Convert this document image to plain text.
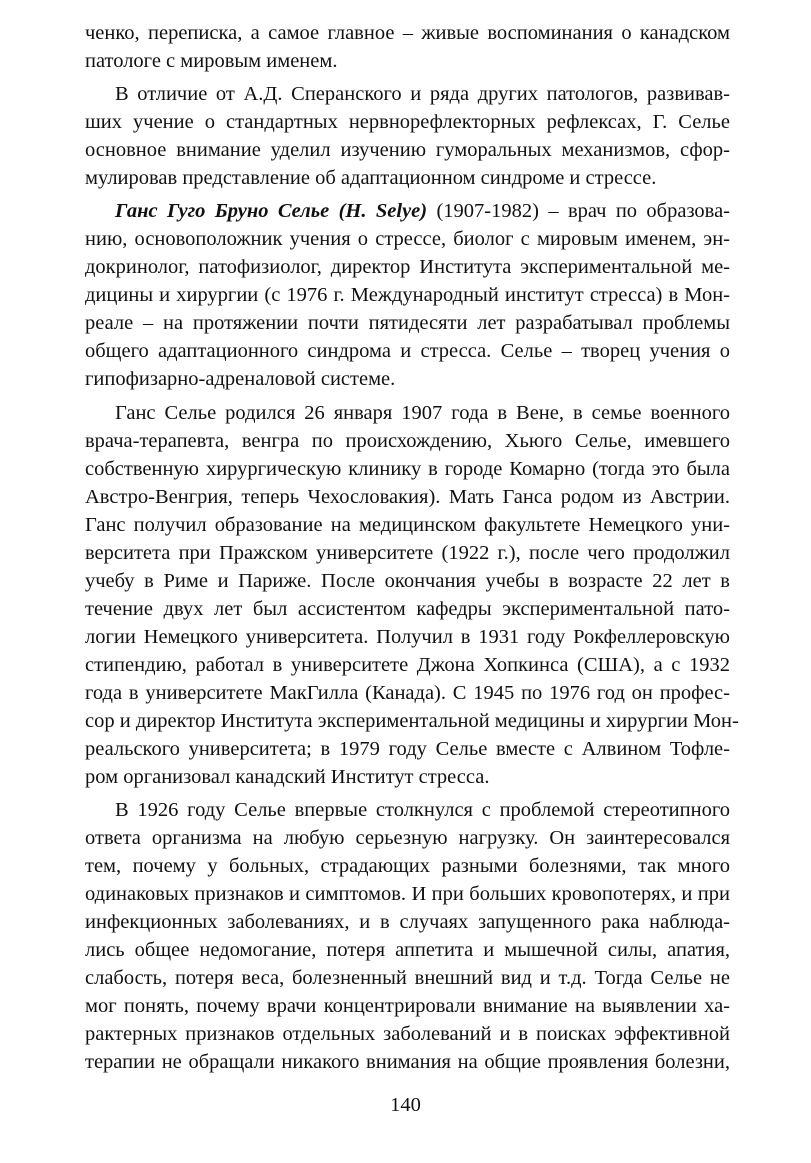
ченко, переписка, а самое главное – живые воспоминания о канадском
патологе с мировым именем.
В отличие от А.Д. Сперанского и ряда других патологов, развивав-
ших учение о стандартных нервнорефлекторных рефлексах, Г. Селье
основное внимание уделил изучению гуморальных механизмов, сфор-
мулировав представление об адаптационном синдроме и стрессе.
Ганс Гуго Бруно Селье (H. Selye) (1907-1982) – врач по образова-
нию, основоположник учения о стрессе, биолог с мировым именем, эн-
докринолог, патофизиолог, директор Института экспериментальной ме-
дицины и хирургии (с 1976 г. Международный институт стресса) в Мон-
реале – на протяжении почти пятидесяти лет разрабатывал проблемы
общего адаптационного синдрома и стресса. Селье – творец учения о
гипофизарно-адреналовой системе.
Ганс Селье родился 26 января 1907 года в Вене, в семье военного
врача-терапевта, венгра по происхождению, Хьюго Селье, имевшего
собственную хирургическую клинику в городе Комарно (тогда это была
Австро-Венгрия, теперь Чехословакия). Мать Ганса родом из Австрии.
Ганс получил образование на медицинском факультете Немецкого уни-
верситета при Пражском университете (1922 г.), после чего продолжил
учебу в Риме и Париже. После окончания учебы в возрасте 22 лет в
течение двух лет был ассистентом кафедры экспериментальной пато-
логии Немецкого университета. Получил в 1931 году Рокфеллеровскую
стипендию, работал в университете Джона Хопкинса (США), а с 1932
года в университете МакГилла (Канада). С 1945 по 1976 год он профес-
сор и директор Института экспериментальной медицины и хирургии Мон-
реальского университета; в 1979 году Селье вместе с Алвином Тофле-
ром организовал канадский Институт стресса.
В 1926 году Селье впервые столкнулся с проблемой стереотипного
ответа организма на любую серьезную нагрузку. Он заинтересовался
тем, почему у больных, страдающих разными болезнями, так много
одинаковых признаков и симптомов. И при больших кровопотерях, и при
инфекционных заболеваниях, и в случаях запущенного рака наблюда-
лись общее недомогание, потеря аппетита и мышечной силы, апатия,
слабость, потеря веса, болезненный внешний вид и т.д. Тогда Селье не
мог понять, почему врачи концентрировали внимание на выявлении ха-
рактерных признаков отдельных заболеваний и в поисках эффективной
терапии не обращали никакого внимания на общие проявления болезни,
140
